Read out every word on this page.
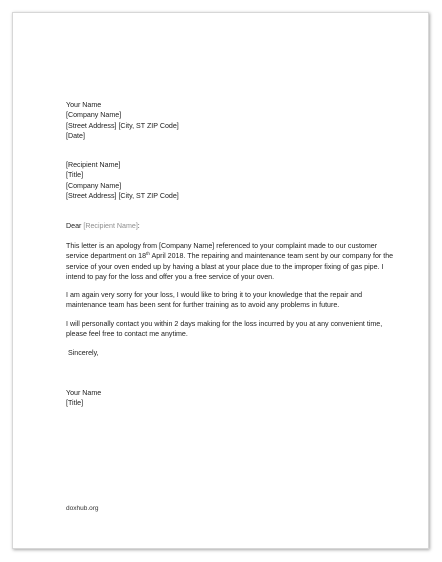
Your Name
[Company Name]
[Street Address] [City, ST ZIP Code]
[Date]
[Recipient Name]
[Title]
[Company Name]
[Street Address] [City, ST ZIP Code]
Dear [Recipient Name]:
This letter is an apology from [Company Name] referenced to your complaint made to our customer service department on 18th April 2018. The repairing and maintenance team sent by our company for the service of your oven ended up by having a blast at your place due to the improper fixing of gas pipe. I intend to pay for the loss and offer you a free service of your oven.
I am again very sorry for your loss, I would like to bring it to your knowledge that the repair and maintenance team has been sent for further training as to avoid any problems in future.
I will personally contact you within 2 days making for the loss incurred by you at any convenient time, please feel free to contact me anytime.
Sincerely,
Your Name
[Title]
doxhub.org
